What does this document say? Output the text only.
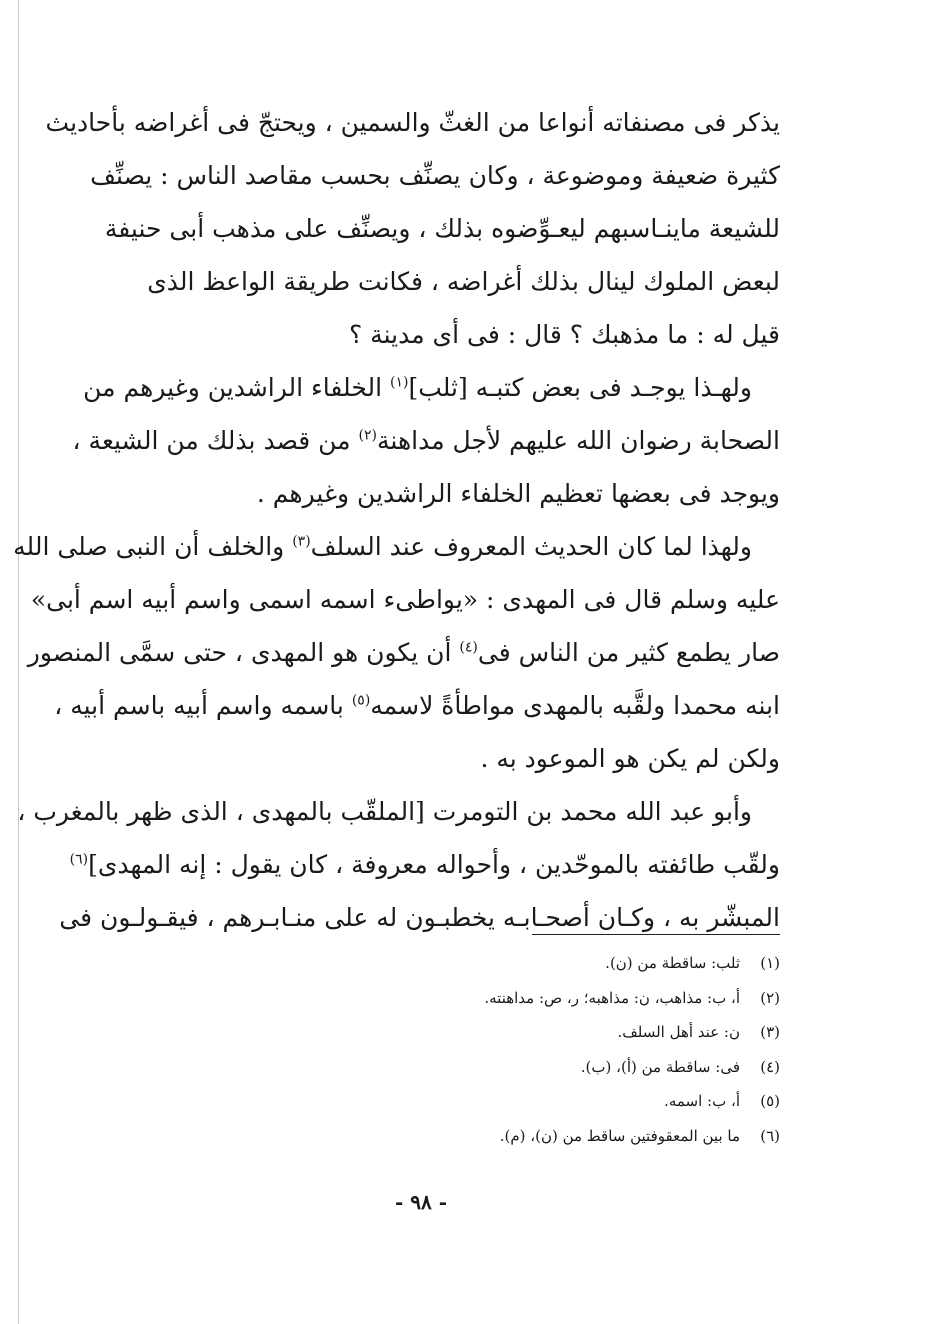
يذكر فى مصنفاته أنواعا من الغثّ والسمين ، ويحتجّ فى أغراضه بأحاديث
كثيرة ضعيفة وموضوعة ، وكان يصنِّف بحسب مقاصد الناس : يصنِّف
للشيعة ماينـاسبهم ليعـوِّضوه بذلك ، ويصنِّف على مذهب أبى حنيفة
لبعض الملوك لينال بذلك أغراضه ، فكانت طريقة الواعظ الذى
قيل له : ما مذهبك ؟ قال : فى أى مدينة ؟

ولهـذا يوجـد فى بعض كتبـه [ثلب]$^{(١)}$ الخلفاء الراشدين وغيرهم من
الصحابة رضوان الله عليهم لأجل مداهنة$^{(٢)}$ من قصد بذلك من الشيعة ،
ويوجد فى بعضها تعظيم الخلفاء الراشدين وغيرهم .

ولهذا لما كان الحديث المعروف عند السلف$^{(٣)}$ والخلف أن النبى صلى الله
عليه وسلم قال فى المهدى : «يواطىء اسمه اسمى واسم أبيه اسم أبى»
صار يطمع كثير من الناس فى$^{(٤)}$ أن يكون هو المهدى ، حتى سمَّى المنصور
ابنه محمدا ولقَّبه بالمهدى مواطأةً لاسمه$^{(٥)}$ باسمه واسم أبيه باسم أبيه ،
ولكن لم يكن هو الموعود به .

وأبو عبد الله محمد بن التومرت [الملقّب بالمهدى ، الذى ظهر بالمغرب ،
ولقّب طائفته بالموحّدين ، وأحواله معروفة ، كان يقول : إنه المهدى]$^{(٦)}$
المبشّر به ، وكـان أصحـابـه يخطبـون له على منـابـرهم ، فيقـولـون فى

(١)
ثلب: ساقطة من (ن).
(٢)
أ، ب: مذاهب، ن: مذاهبه؛ ر، ص: مداهنته.
(٣)
ن: عند أهل السلف.
(٤)
فى: ساقطة من (أ)، (ب).
(٥)
أ، ب: اسمه.
(٦)
ما بين المعقوفتين ساقط من (ن)، (م).
- ٩٨ -
